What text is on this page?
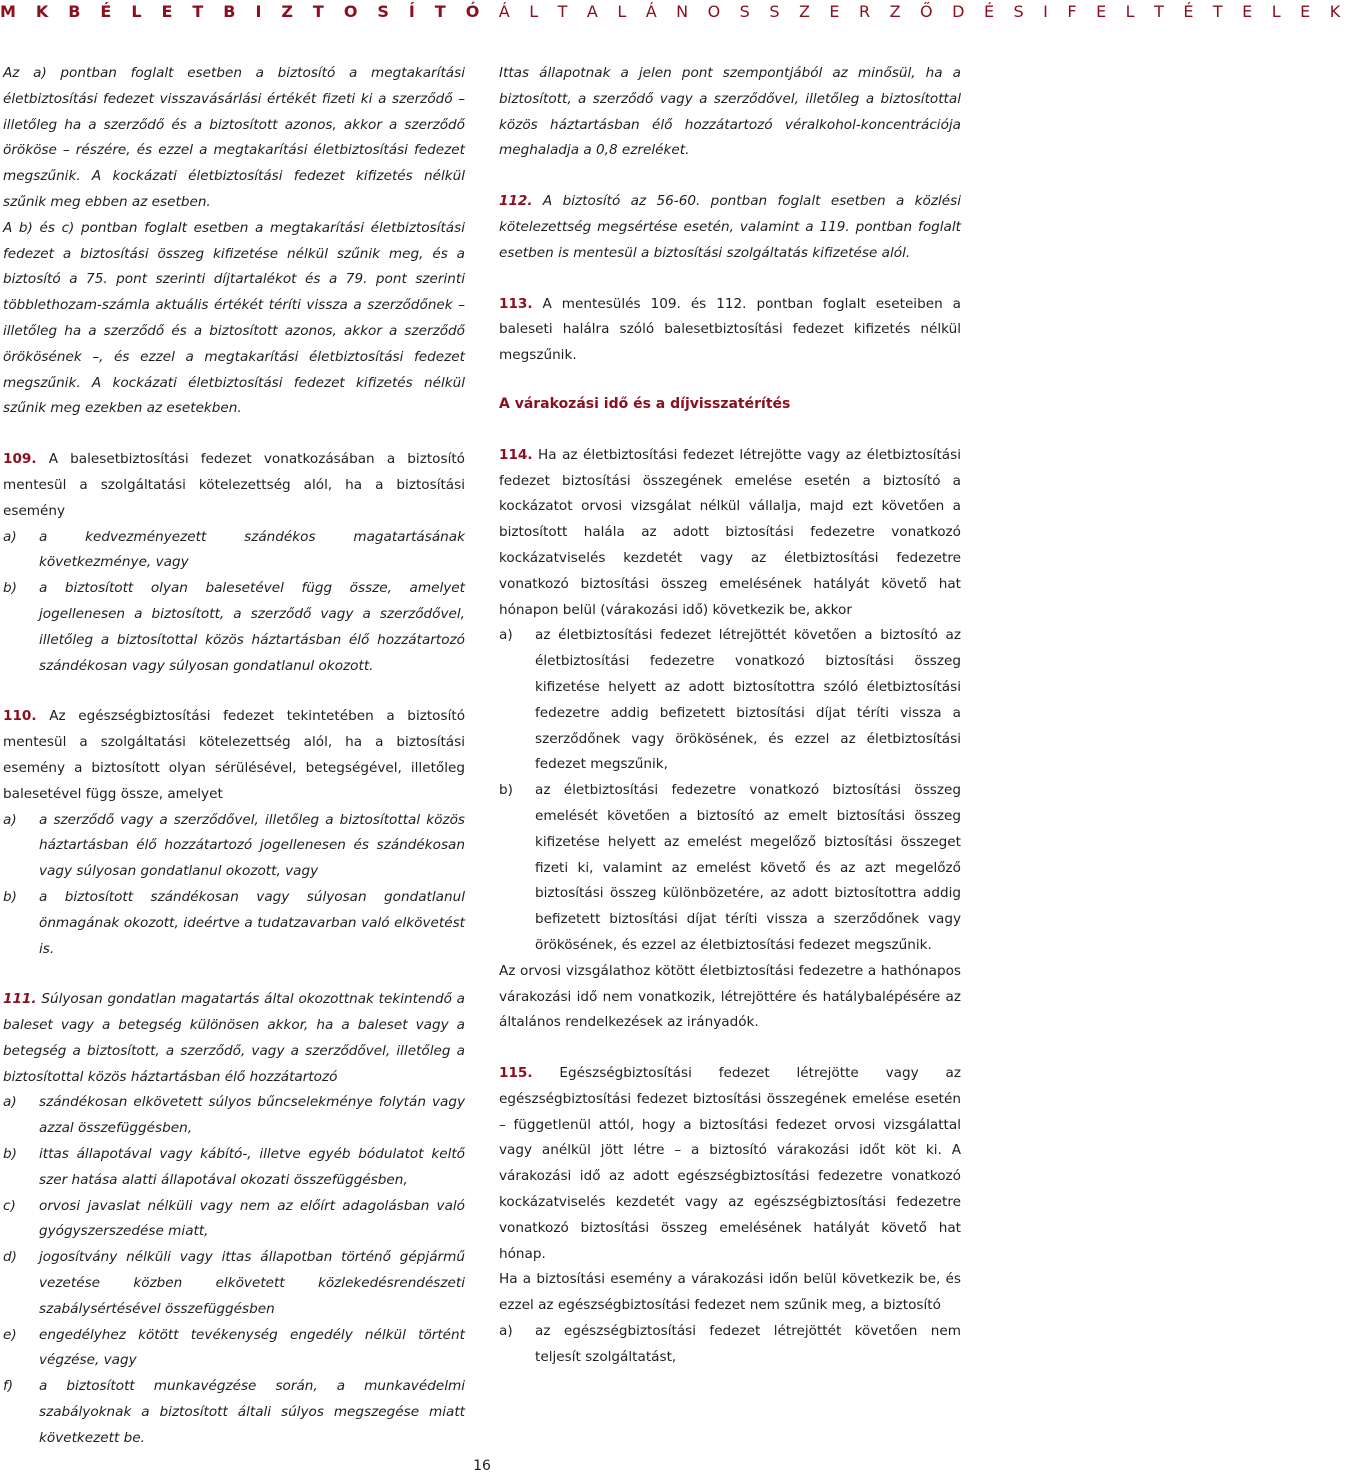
M K B É L E T B I Z T O S Í T Ó Á L T A L Á N O S S Z E R Z Ő D É S I F E L T É T E L E K

Az a) pontban foglalt esetben a biztosító a megtakarítási életbiztosítási fedezet visszavásárlási értékét fizeti ki a szerződő – illetőleg ha a szerződő és a biztosított azonos, akkor a szerződő örököse – részére, és ezzel a megtakarítási életbiztosítási fedezet megszűnik. A kockázati életbiztosítási fedezet kifizetés nélkül szűnik meg ebben az esetben.

A b) és c) pontban foglalt esetben a megtakarítási életbiztosítási fedezet a biztosítási összeg kifizetése nélkül szűnik meg, és a biztosító a 75. pont szerinti díjtartalékot és a 79. pont szerinti többlethozam-számla aktuális értékét téríti vissza a szerződőnek – illetőleg ha a szerződő és a biztosított azonos, akkor a szerződő örökösének –, és ezzel a megtakarítási életbiztosítási fedezet megszűnik. A kockázati életbiztosítási fedezet kifizetés nélkül szűnik meg ezekben az esetekben.

109. A balesetbiztosítási fedezet vonatkozásában a biztosító mentesül a szolgáltatási kötelezettség alól, ha a biztosítási esemény

a)	a kedvezményezett szándékos magatartásának következménye, vagy
b)	a biztosított olyan balesetével függ össze, amelyet jogellenesen a biztosított, a szerződő vagy a szerződővel, illetőleg a biztosítottal közös háztartásban élő hozzátartozó szándékosan vagy súlyosan gondatlanul okozott.

110. Az egészségbiztosítási fedezet tekintetében a biztosító mentesül a szolgáltatási kötelezettség alól, ha a biztosítási esemény a biztosított olyan sérülésével, betegségével, illetőleg balesetével függ össze, amelyet

a)	a szerződő vagy a szerződővel, illetőleg a biztosítottal közös háztartásban élő hozzátartozó jogellenesen és szándékosan vagy súlyosan gondatlanul okozott, vagy
b)	a biztosított szándékosan vagy súlyosan gondatlanul önmagának okozott, ideértve a tudatzavarban való elkövetést is.

111. Súlyosan gondatlan magatartás által okozottnak tekintendő a baleset vagy a betegség különösen akkor, ha a baleset vagy a betegség a biztosított, a szerződő, vagy a szerződővel, illetőleg a biztosítottal közös háztartásban élő hozzátartozó

a)	szándékosan elkövetett súlyos bűncselekménye folytán vagy azzal összefüggésben,
b)	ittas állapotával vagy kábító-, illetve egyéb bódulatot keltő szer hatása alatti állapotával okozati összefüggésben,
c)	orvosi javaslat nélküli vagy nem az előírt adagolásban való gyógyszerszedése miatt,
d)	jogosítvány nélküli vagy ittas állapotban történő gépjármű vezetése közben elkövetett közlekedésrendészeti szabálysértésével összefüggésben
e)	engedélyhez kötött tevékenység engedély nélkül történt végzése, vagy
f)	a biztosított munkavégzése során, a munkavédelmi szabályoknak a biztosított általi súlyos megszegése miatt következett be.

Ittas állapotnak a jelen pont szempontjából az minősül, ha a biztosított, a szerződő vagy a szerződővel, illetőleg a biztosítottal közös háztartásban élő hozzátartozó véralkohol-koncentrációja meghaladja a 0,8 ezreléket.

112. A biztosító az 56-60. pontban foglalt esetben a közlési kötelezettség megsértése esetén, valamint a 119. pontban foglalt esetben is mentesül a biztosítási szolgáltatás kifizetése alól.

113. A mentesülés 109. és 112. pontban foglalt eseteiben a baleseti halálra szóló balesetbiztosítási fedezet kifizetés nélkül megszűnik.

A várakozási idő és a díjvisszatérítés

114. Ha az életbiztosítási fedezet létrejötte vagy az életbiztosítási fedezet biztosítási összegének emelése esetén a biztosító a kockázatot orvosi vizsgálat nélkül vállalja, majd ezt követően a biztosított halála az adott biztosítási fedezetre vonatkozó kockázatviselés kezdetét vagy az életbiztosítási fedezetre vonatkozó biztosítási összeg emelésének hatályát követő hat hónapon belül (várakozási idő) következik be, akkor

a)	az életbiztosítási fedezet létrejöttét követően a biztosító az életbiztosítási fedezetre vonatkozó biztosítási összeg kifizetése helyett az adott biztosítottra szóló életbiztosítási fedezetre addig befizetett biztosítási díjat téríti vissza a szerződőnek vagy örökösének, és ezzel az életbiztosítási fedezet megszűnik,
b)	az életbiztosítási fedezetre vonatkozó biztosítási összeg emelését követően a biztosító az emelt biztosítási összeg kifizetése helyett az emelést megelőző biztosítási összeget fizeti ki, valamint az emelést követő és az azt megelőző biztosítási összeg különbözetére, az adott biztosítottra addig befizetett biztosítási díjat téríti vissza a szerződőnek vagy örökösének, és ezzel az életbiztosítási fedezet megszűnik.

Az orvosi vizsgálathoz kötött életbiztosítási fedezetre a hathónapos várakozási idő nem vonatkozik, létrejöttére és hatálybalépésére az általános rendelkezések az irányadók.

115. Egészségbiztosítási fedezet létrejötte vagy az egészségbiztosítási fedezet biztosítási összegének emelése esetén – függetlenül attól, hogy a biztosítási fedezet orvosi vizsgálattal vagy anélkül jött létre – a biztosító várakozási időt köt ki. A várakozási idő az adott egészségbiztosítási fedezetre vonatkozó kockázatviselés kezdetét vagy az egészségbiztosítási fedezetre vonatkozó biztosítási összeg emelésének hatályát követő hat hónap.

Ha a biztosítási esemény a várakozási időn belül következik be, és ezzel az egészségbiztosítási fedezet nem szűnik meg, a biztosító

a)	az egészségbiztosítási fedezet létrejöttét követően nem teljesít szolgáltatást,
16
